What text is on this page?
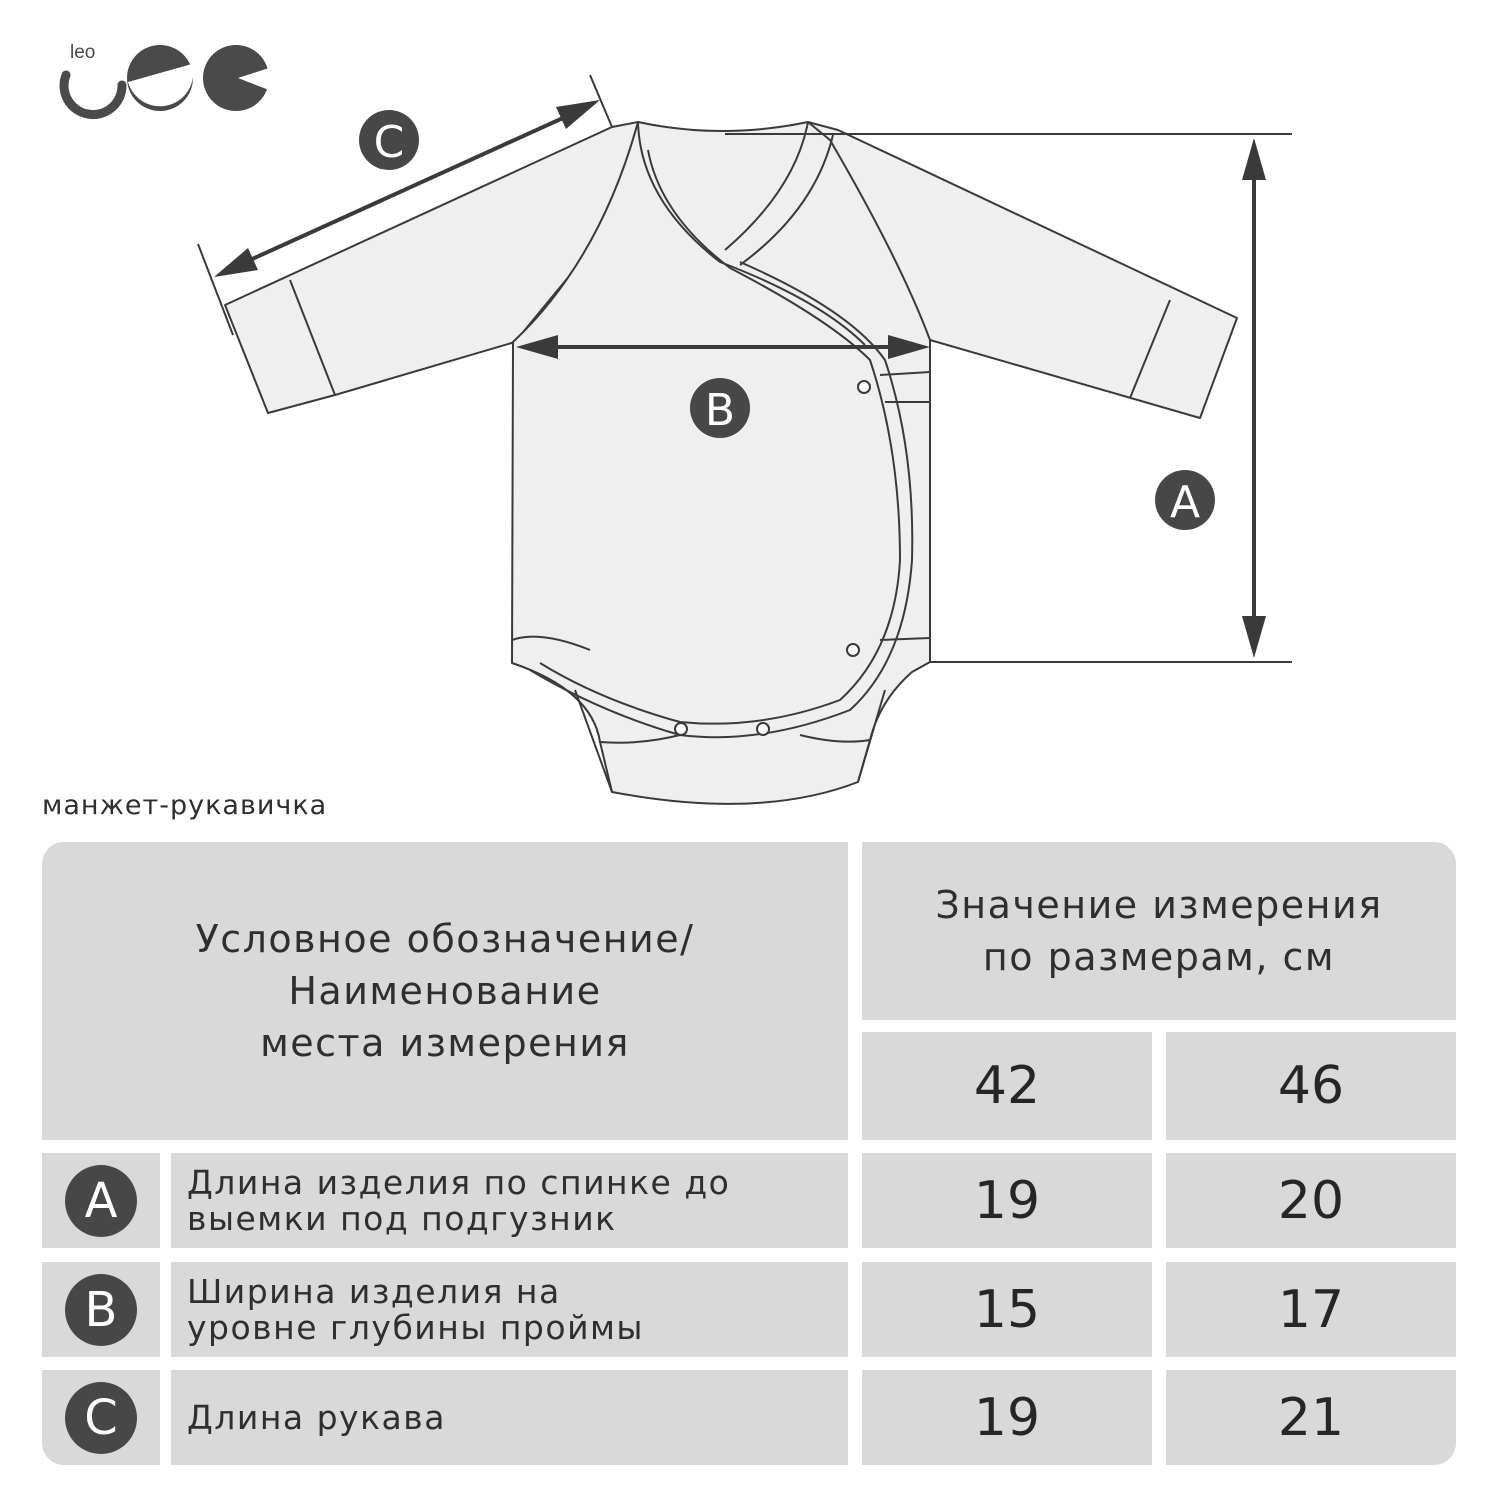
leo
A
B
C
манжет-рукавичка
Условное обозначение/
Наименование
места измерения
Значение измерения
по размерам, см
42	46
A	Длина изделия по спинке до
выемки под подгузник	19	20
B	Ширина изделия на
уровне глубины проймы	15	17
C	Длина рукава	19	21
